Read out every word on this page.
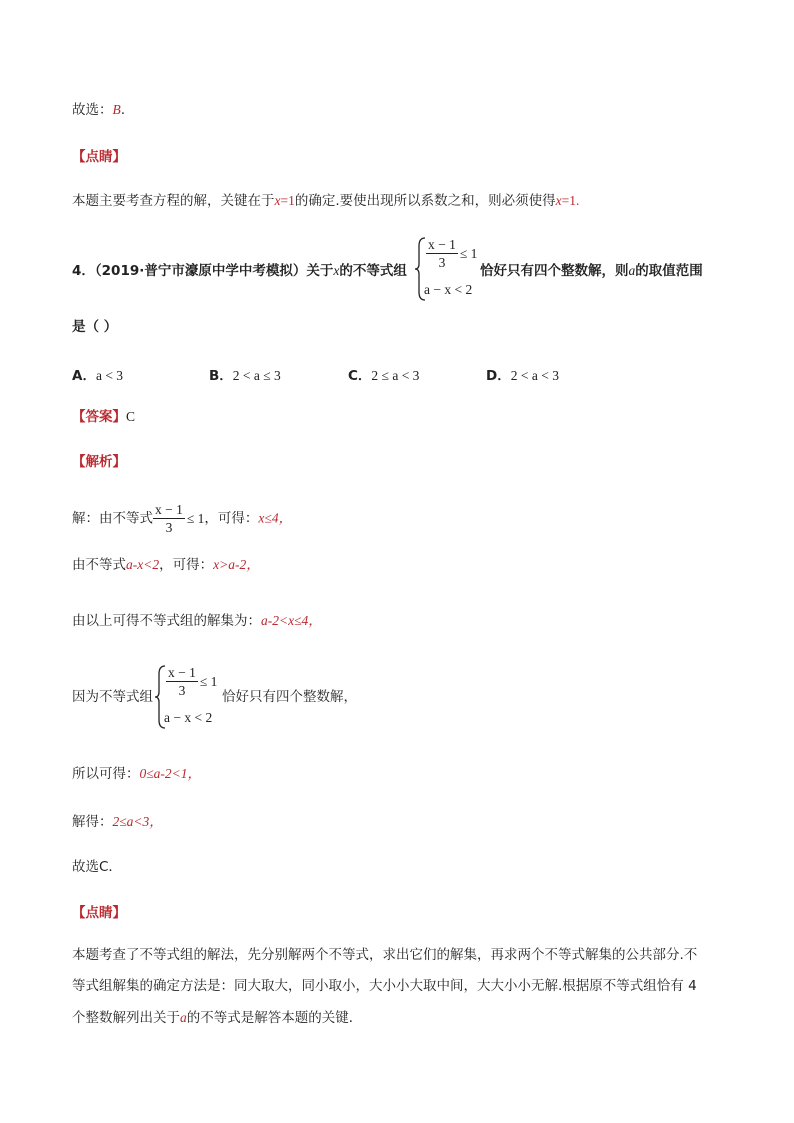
故选：B.
【点睛】
本题主要考查方程的解，关键在于x=1的确定.要使出现所以系数之和，则必须使得x=1.
4．（2019·普宁市濠原中学中考模拟）关于x的不等式组 $\frac{x - 1}{3} \le 1$
a − x < 2
恰好只有四个整数解，则a的取值范围
是（ ）
A．a < 3	B．2 < a ≤ 3	C．2 ≤ a < 3	D．2 < a < 3
【答案】C
【解析】
解：由不等式 $\frac{x - 1}{3} \le 1$，可得：x≤4，
由不等式a-x<2，可得：x>a-2，
由以上可得不等式组的解集为：a-2<x≤4，
因为不等式组 $\frac{x - 1}{3} \le 1$
a − x < 2
恰好只有四个整数解，
所以可得：0≤a-2<1，
解得：2≤a<3，
故选C．
【点睛】
本题考查了不等式组的解法，先分别解两个不等式，求出它们的解集，再求两个不等式解集的公共部分.不
等式组解集的确定方法是：同大取大，同小取小，大小小大取中间，大大小小无解.根据原不等式组恰有 4
个整数解列出关于a的不等式是解答本题的关键．
